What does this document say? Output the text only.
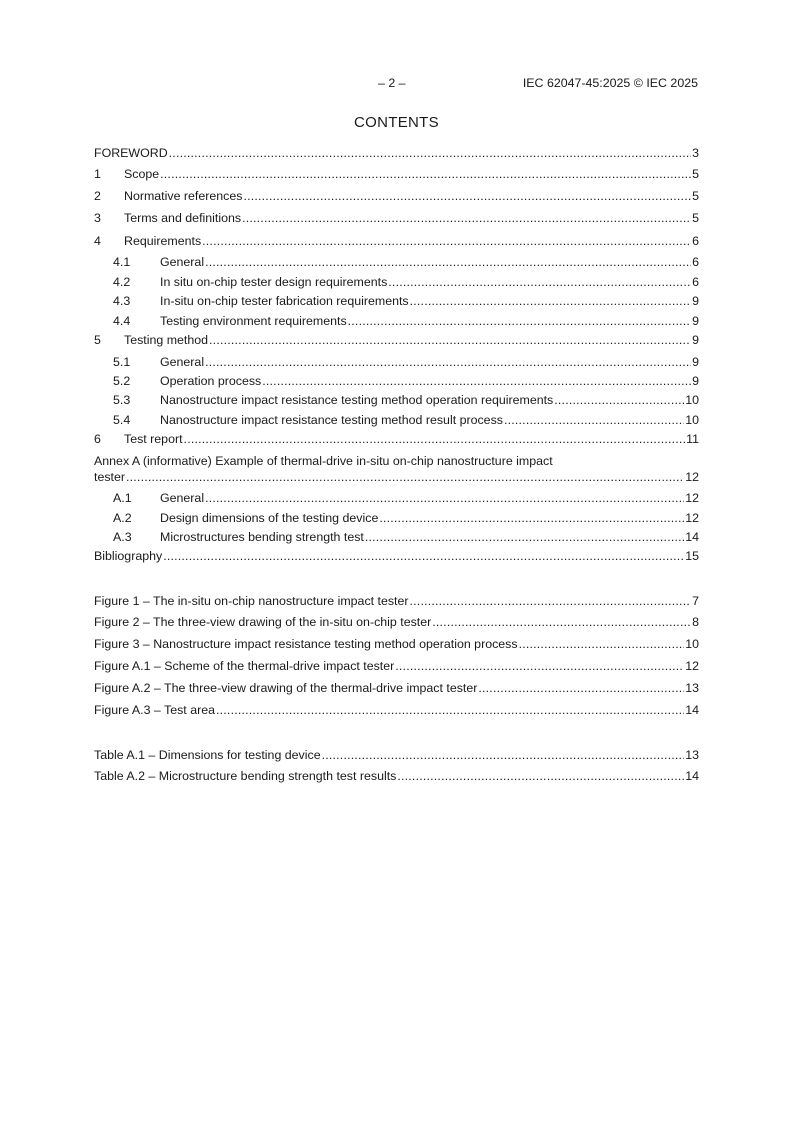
– 2 –	IEC 62047-45:2025 © IEC 2025
CONTENTS
FOREWORD .....	3
1	Scope .....	5
2	Normative references .....	5
3	Terms and definitions .....	5
4	Requirements .....	6
4.1	General .....	6
4.2	In situ on-chip tester design requirements .....	6
4.3	In-situ on-chip tester fabrication requirements .....	9
4.4	Testing environment requirements .....	9
5	Testing method .....	9
5.1	General .....	9
5.2	Operation process .....	9
5.3	Nanostructure impact resistance testing method operation requirements .....	10
5.4	Nanostructure impact resistance testing method result process .....	10
6	Test report .....	11
Annex A (informative) Example of thermal-drive in-situ on-chip nanostructure impact
tester .....	12
A.1	General .....	12
A.2	Design dimensions of the testing device .....	12
A.3	Microstructures bending strength test .....	14
Bibliography .....	15
Figure 1 – The in-situ on-chip nanostructure impact tester .....	7
Figure 2 – The three-view drawing of the in-situ on-chip tester .....	8
Figure 3 – Nanostructure impact resistance testing method operation process .....	10
Figure A.1 – Scheme of the thermal-drive impact tester .....	12
Figure A.2 – The three-view drawing of the thermal-drive impact tester .....	13
Figure A.3 – Test area .....	14
Table A.1 – Dimensions for testing device .....	13
Table A.2 – Microstructure bending strength test results .....	14
